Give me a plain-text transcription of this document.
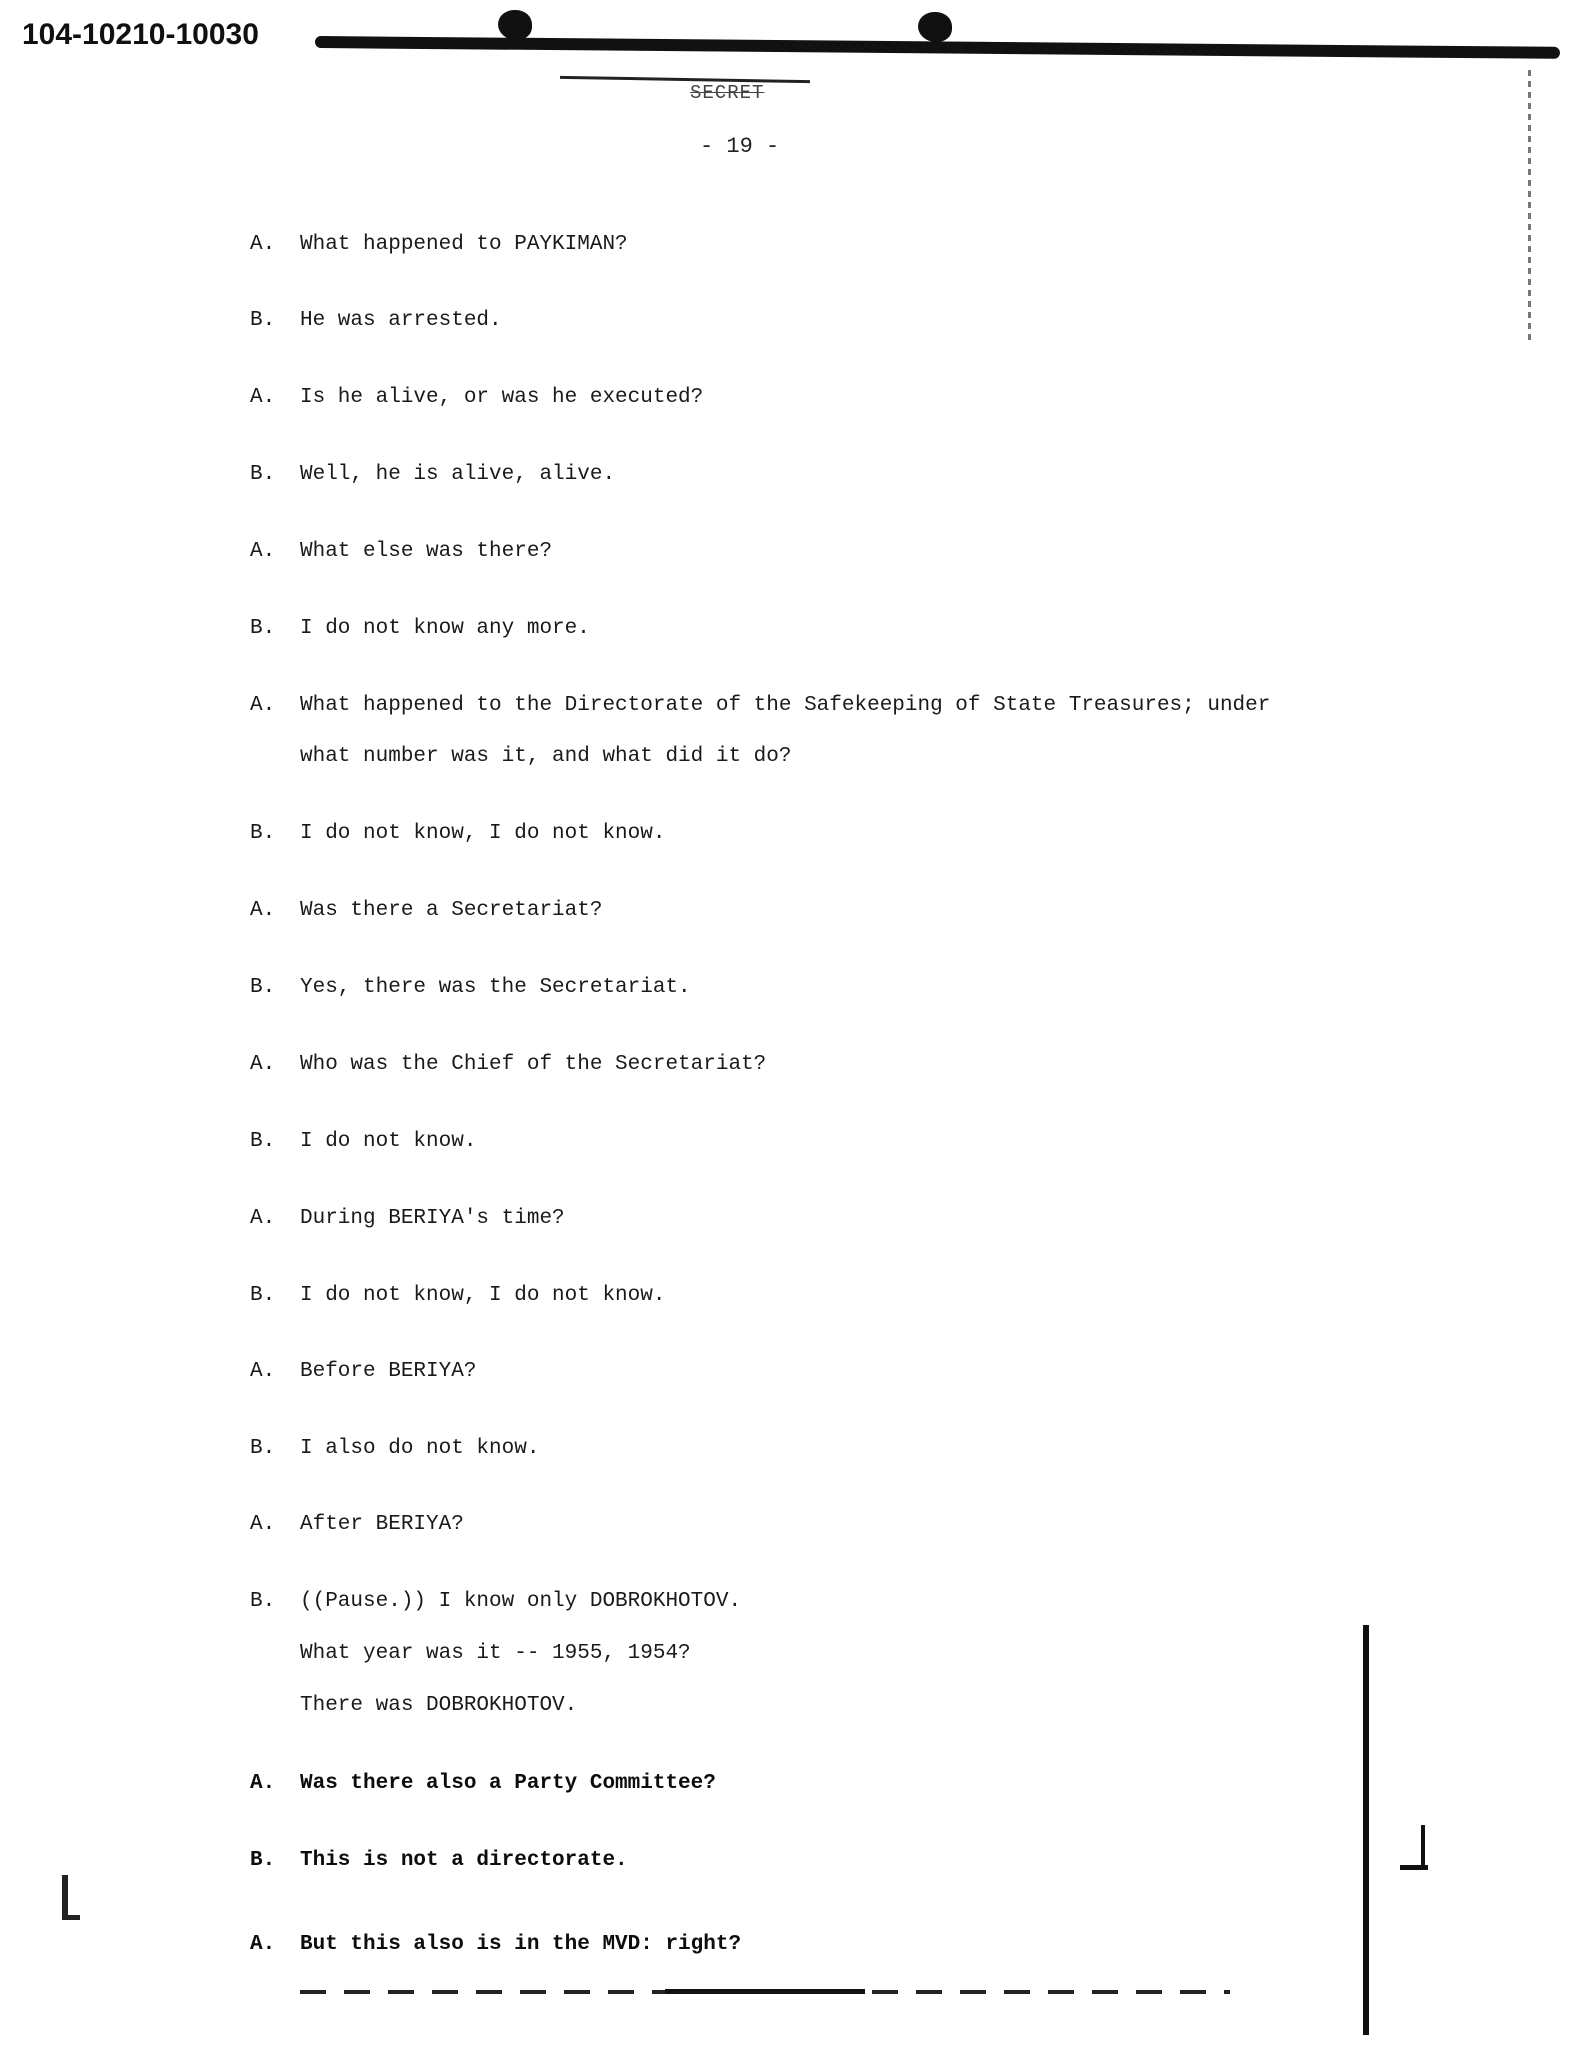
104-10210-10030
SECRET
- 19 -
A. What happened to PAYKIMAN?
B. He was arrested.
A. Is he alive, or was he executed?
B. Well, he is alive, alive.
A. What else was there?
B. I do not know any more.
A. What happened to the Directorate of the Safekeeping of State Treasures; under
what number was it, and what did it do?
B. I do not know, I do not know.
A. Was there a Secretariat?
B. Yes, there was the Secretariat.
A. Who was the Chief of the Secretariat?
B. I do not know.
A. During BERIYA's time?
B. I do not know, I do not know.
A. Before BERIYA?
B. I also do not know.
A. After BERIYA?
B. ((Pause.)) I know only DOBROKHOTOV.
What year was it -- 1955, 1954?
There was DOBROKHOTOV.
A. Was there also a Party Committee?
B. This is not a directorate.
A. But this also is in the MVD: right?
